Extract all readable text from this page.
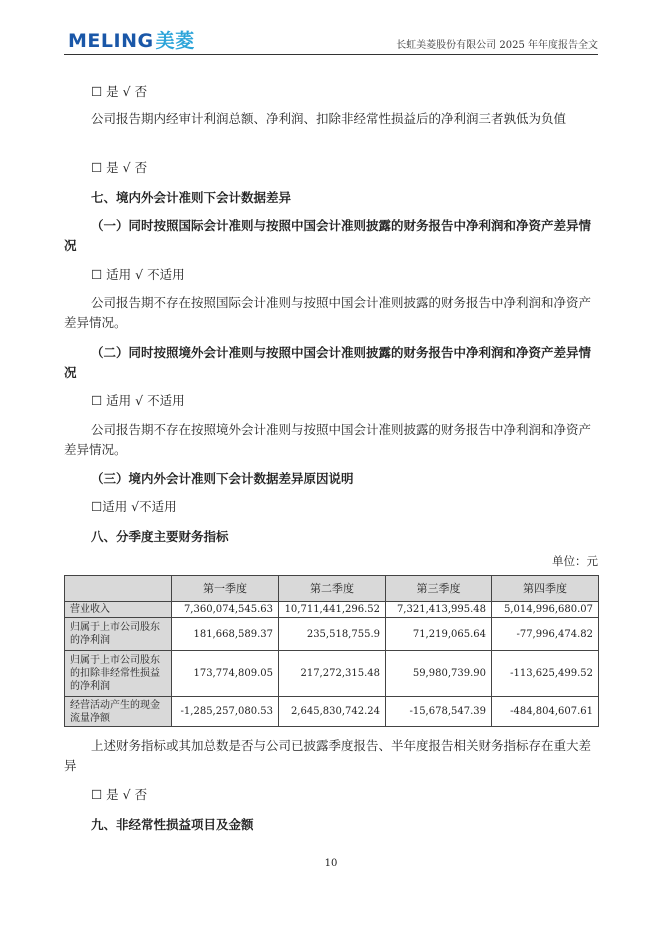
MELING 美菱	长虹美菱股份有限公司 2025 年年度报告全文
☐ 是 √ 否
公司报告期内经审计利润总额、净利润、扣除非经常性损益后的净利润三者孰低为负值
☐ 是 √ 否
七、境内外会计准则下会计数据差异
（一）同时按照国际会计准则与按照中国会计准则披露的财务报告中净利润和净资产差异情况
☐ 适用 √ 不适用
公司报告期不存在按照国际会计准则与按照中国会计准则披露的财务报告中净利润和净资产差异情况。
（二）同时按照境外会计准则与按照中国会计准则披露的财务报告中净利润和净资产差异情况
☐ 适用 √ 不适用
公司报告期不存在按照境外会计准则与按照中国会计准则披露的财务报告中净利润和净资产差异情况。
（三）境内外会计准则下会计数据差异原因说明
☐适用 √不适用
八、分季度主要财务指标
单位：元
	第一季度	第二季度	第三季度	第四季度
营业收入	7,360,074,545.63	10,711,441,296.52	7,321,413,995.48	5,014,996,680.07
归属于上市公司股东的净利润	181,668,589.37	235,518,755.9	71,219,065.64	-77,996,474.82
归属于上市公司股东的扣除非经常性损益的净利润	173,774,809.05	217,272,315.48	59,980,739.90	-113,625,499.52
经营活动产生的现金流量净额	-1,285,257,080.53	2,645,830,742.24	-15,678,547.39	-484,804,607.61
上述财务指标或其加总数是否与公司已披露季度报告、半年度报告相关财务指标存在重大差异
☐ 是 √ 否
九、非经常性损益项目及金额
10
